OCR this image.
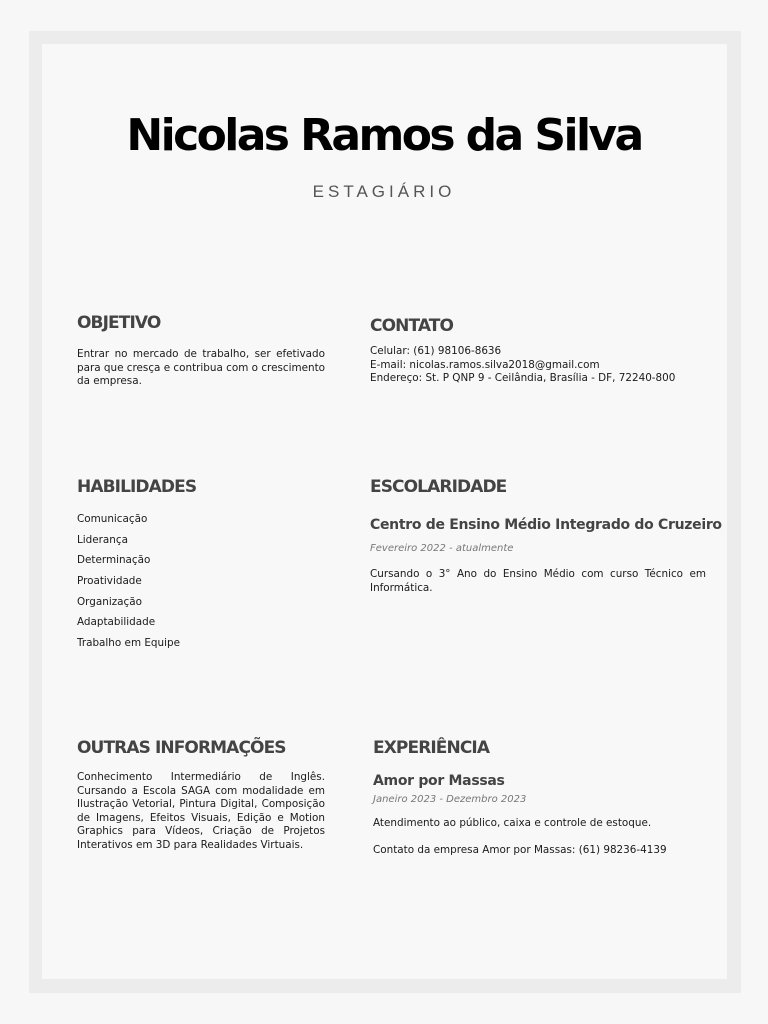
Nicolas Ramos da Silva
ESTAGIÁRIO
OBJETIVO
Entrar no mercado de trabalho, ser efetivado para que cresça e contribua com o crescimento da empresa.
CONTATO
Celular: (61) 98106-8636
E-mail: nicolas.ramos.silva2018@gmail.com
Endereço: St. P QNP 9 - Ceilândia, Brasília - DF, 72240-800
HABILIDADES
Comunicação
Liderança
Determinação
Proatividade
Organização
Adaptabilidade
Trabalho em Equipe
ESCOLARIDADE
Centro de Ensino Médio Integrado do Cruzeiro
Fevereiro 2022 - atualmente
Cursando o 3° Ano do Ensino Médio com curso Técnico em Informática.
OUTRAS INFORMAÇÕES
Conhecimento Intermediário de Inglês. Cursando a Escola SAGA com modalidade em Ilustração Vetorial, Pintura Digital, Composição de Imagens, Efeitos Visuais, Edição e Motion Graphics para Vídeos, Criação de Projetos Interativos em 3D para Realidades Virtuais.
EXPERIÊNCIA
Amor por Massas
Janeiro 2023 - Dezembro 2023
Atendimento ao público, caixa e controle de estoque.
Contato da empresa Amor por Massas: (61) 98236-4139
